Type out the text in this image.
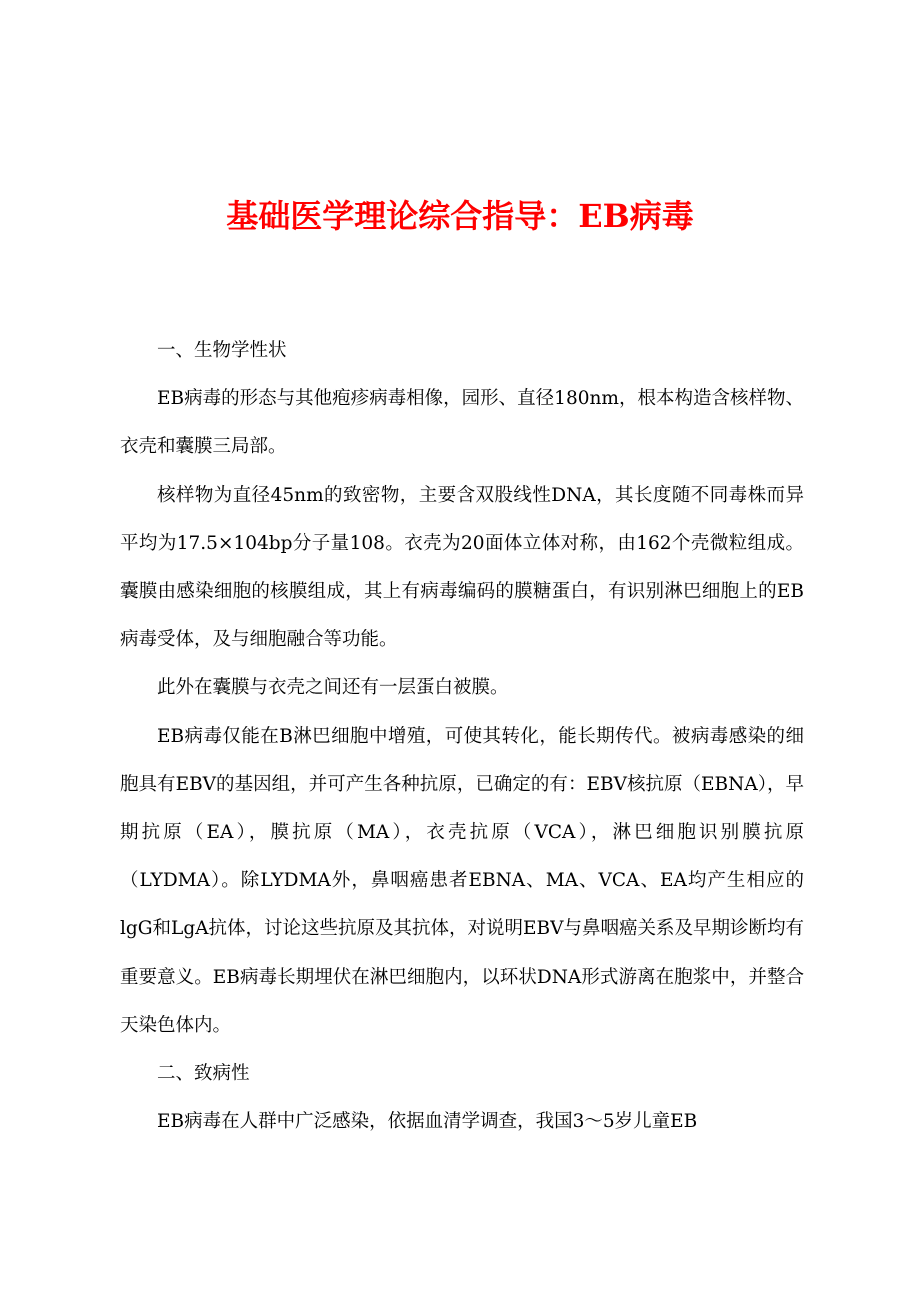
基础医学理论综合指导：EB病毒

一、生物学性状

EB病毒的形态与其他疱疹病毒相像，园形、直径180nm，根本构造含核样物、衣壳和囊膜三局部。

核样物为直径45nm的致密物，主要含双股线性DNA，其长度随不同毒株而异平均为17.5×104bp分子量108。衣壳为20面体立体对称，由162个壳微粒组成。囊膜由感染细胞的核膜组成，其上有病毒编码的膜糖蛋白，有识别淋巴细胞上的EB病毒受体，及与细胞融合等功能。

此外在囊膜与衣壳之间还有一层蛋白被膜。

EB病毒仅能在B淋巴细胞中增殖，可使其转化，能长期传代。被病毒感染的细胞具有EBV的基因组，并可产生各种抗原，已确定的有：EBV核抗原（EBNA），早期抗原（EA），膜抗原（MA），衣壳抗原（VCA），淋巴细胞识别膜抗原（LYDMA）。除LYDMA外，鼻咽癌患者EBNA、MA、VCA、EA均产生相应的lgG和LgA抗体，讨论这些抗原及其抗体，对说明EBV与鼻咽癌关系及早期诊断均有重要意义。EB病毒长期埋伏在淋巴细胞内，以环状DNA形式游离在胞浆中，并整合天染色体内。

二、致病性

EB病毒在人群中广泛感染，依据血清学调查，我国3～5岁儿童EB
